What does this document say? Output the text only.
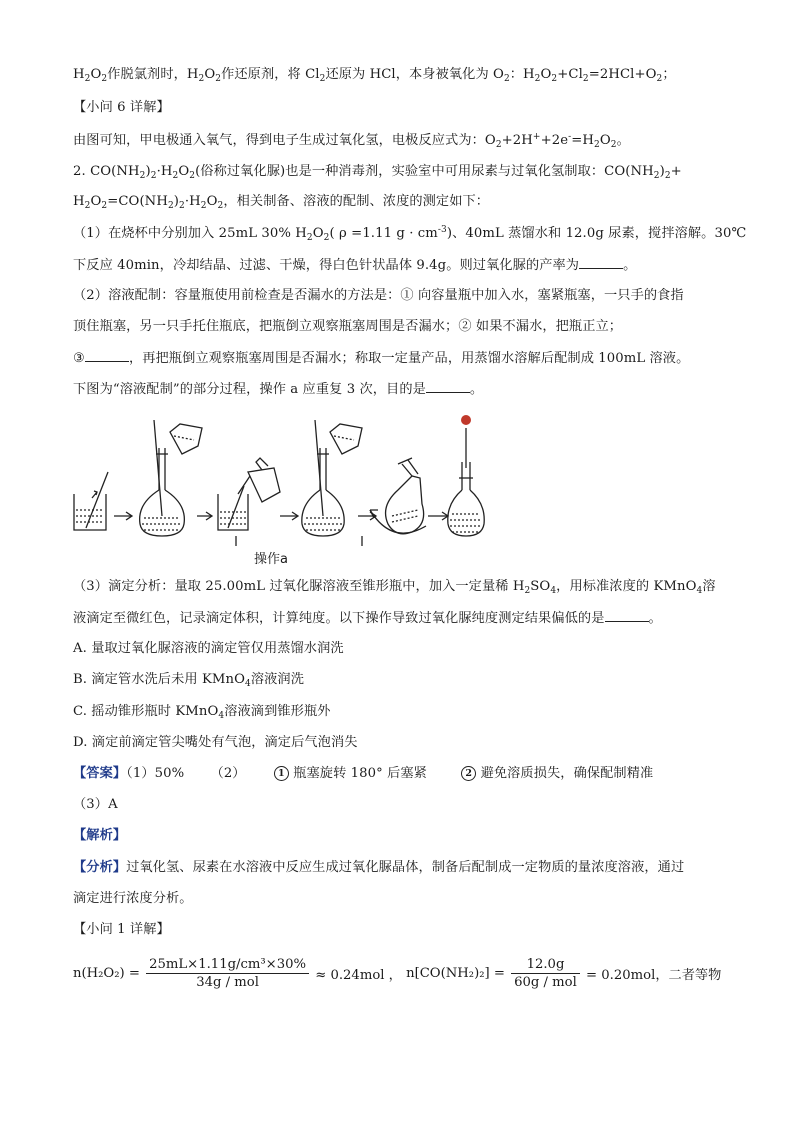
$H_2O_2$作脱氯剂时，$H_2O_2$作还原剂，将 $Cl_2$还原为 HCl，本身被氧化为 $O_2$：$H_2O_2+Cl_2=2HCl+O_2$；
【小问 6 详解】
由图可知，甲电极通入氧气，得到电子生成过氧化氢，电极反应式为：$O_2+2H^++2e^-=H_2O_2$。
2. $CO(NH_2)_2\cdot H_2O_2$(俗称过氧化脲)也是一种消毒剂，实验室中可用尿素与过氧化氢制取：$CO(NH_2)_2+$
$H_2O_2=CO(NH_2)_2\cdot H_2O_2$，相关制备、溶液的配制、浓度的测定如下：
（1）在烧杯中分别加入 25mL 30% $H_2O_2$( ρ =1.11 $g \cdot cm^{-3}$)、40mL 蒸馏水和 12.0g 尿素，搅拌溶解。30℃
下反应 40min，冷却结晶、过滤、干燥，得白色针状晶体 9.4g。则过氧化脲的产率为	。
（2）溶液配制：容量瓶使用前检查是否漏水的方法是：① 向容量瓶中加入水，塞紧瓶塞，一只手的食指
顶住瓶塞，另一只手托住瓶底，把瓶倒立观察瓶塞周围是否漏水；② 如果不漏水，把瓶正立；
③	，再把瓶倒立观察瓶塞周围是否漏水；称取一定量产品，用蒸馏水溶解后配制成 100mL 溶液。
下图为“溶液配制”的部分过程，操作 a 应重复 3 次，目的是	。
操作a
（3）滴定分析：量取 25.00mL 过氧化脲溶液至锥形瓶中，加入一定量稀 $H_2SO_4$，用标准浓度的 KMnO$_4$溶
液滴定至微红色，记录滴定体积，计算纯度。以下操作导致过氧化脲纯度测定结果偏低的是	。
A. 量取过氧化脲溶液的滴定管仅用蒸馏水润洗
B. 滴定管水洗后未用 KMnO$_4$溶液润洗
C. 摇动锥形瓶时 KMnO$_4$溶液滴到锥形瓶外
D. 滴定前滴定管尖嘴处有气泡，滴定后气泡消失
【答案】（1）50% （2）	1 瓶塞旋转 180° 后塞紧	2 避免溶质损失，确保配制精准
（3）A
【解析】
【分析】过氧化氢、尿素在水溶液中反应生成过氧化脲晶体，制备后配制成一定物质的量浓度溶液，通过
滴定进行浓度分析。
【小问 1 详解】
$n(H_2O_2) = \frac{\text{25mL×1.11g/cm³×30\%}}{\text{34g / mol}} \approx 0.24mol$ ， $n[CO(NH_2)_2] = \frac{12.0g}{\text{60g / mol}} = 0.20mol$，二者等物
